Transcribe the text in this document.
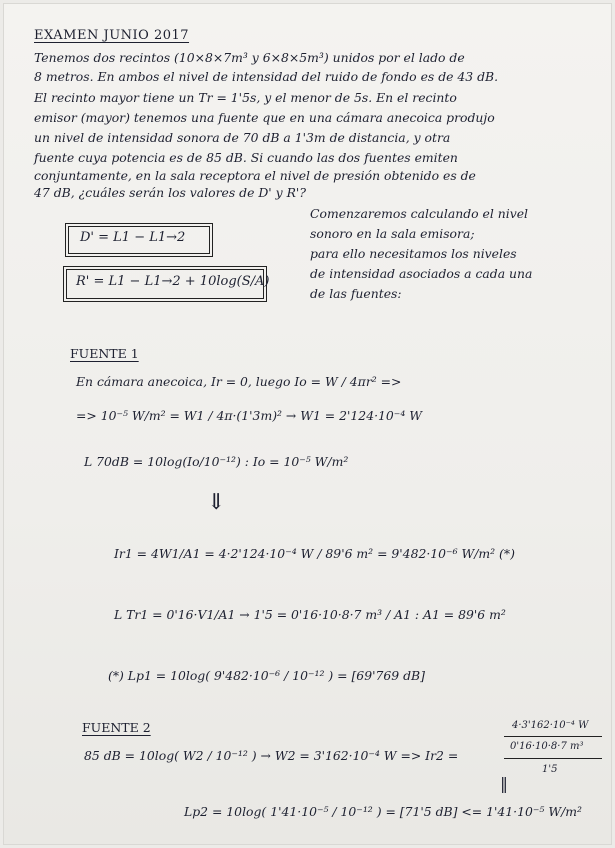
EXAMEN JUNIO 2017
Tenemos dos recintos (10×8×7m³ y 6×8×5m³) unidos por el lado de
8 metros. En ambos el nivel de intensidad del ruido de fondo es de 43 dB.
El recinto mayor tiene un Tr = 1'5s, y el menor de 5s. En el recinto
emisor (mayor) tenemos una fuente que en una cámara anecoica produjo
un nivel de intensidad sonora de 70 dB a 1'3m de distancia, y otra
fuente cuya potencia es de 85 dB. Si cuando las dos fuentes emiten
conjuntamente, en la sala receptora el nivel de presión obtenido es de
47 dB, ¿cuáles serán los valores de D' y R'?
D' = L1 − L1→2
R' = L1 − L1→2 + 10log(S/A)
Comenzaremos calculando el nivel
sonoro en la sala emisora;
para ello necesitamos los niveles
de intensidad asociados a cada una
de las fuentes:
FUENTE 1
En cámara anecoica, Ir = 0, luego Io = W / 4πr² =>
=> 10⁻⁵ W/m² = W1 / 4π·(1'3m)² → W1 = 2'124·10⁻⁴ W
L 70dB = 10log(Io/10⁻¹²) : Io = 10⁻⁵ W/m²
⇓
Ir1 = 4W1/A1 = 4·2'124·10⁻⁴ W / 89'6 m² = 9'482·10⁻⁶ W/m² (*)
L Tr1 = 0'16·V1/A1 → 1'5 = 0'16·10·8·7 m³ / A1 : A1 = 89'6 m²
(*) Lp1 = 10log( 9'482·10⁻⁶ / 10⁻¹² ) = [69'769 dB]
FUENTE 2
85 dB = 10log( W2 / 10⁻¹² ) → W2 = 3'162·10⁻⁴ W => Ir2 =
4·3'162·10⁻⁴ W
0'16·10·8·7 m³
1'5
‖
Lp2 = 10log( 1'41·10⁻⁵ / 10⁻¹² ) = [71'5 dB] <= 1'41·10⁻⁵ W/m²
